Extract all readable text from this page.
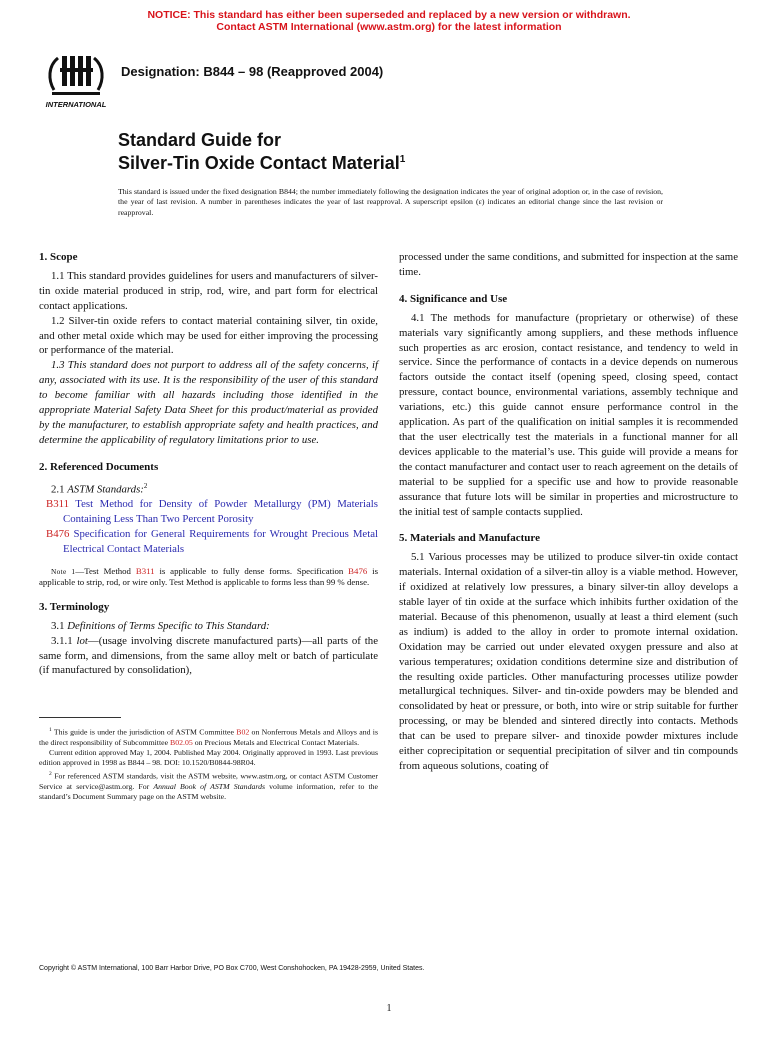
NOTICE: This standard has either been superseded and replaced by a new version or withdrawn.
Contact ASTM International (www.astm.org) for the latest information
INTERNATIONAL
Designation: B844 – 98 (Reapproved 2004)
Standard Guide for
Silver-Tin Oxide Contact Material$^1$
This standard is issued under the fixed designation B844; the number immediately following the designation indicates the year of original adoption or, in the case of revision, the year of last revision. A number in parentheses indicates the year of last reapproval. A superscript epsilon (ε) indicates an editorial change since the last revision or reapproval.
1. Scope

1.1 This standard provides guidelines for users and manufacturers of silver-tin oxide material produced in strip, rod, wire, and part form for electrical contact applications.

1.2 Silver-tin oxide refers to contact material containing silver, tin oxide, and other metal oxide which may be used for either improving the processing or performance of the material.

1.3 This standard does not purport to address all of the safety concerns, if any, associated with its use. It is the responsibility of the user of this standard to become familiar with all hazards including those identified in the appropriate Material Safety Data Sheet for this product/material as provided by the manufacturer, to establish appropriate safety and health practices, and determine the applicability of regulatory limitations prior to use.

2. Referenced Documents

2.1 ASTM Standards:$^2$

B311 Test Method for Density of Powder Metallurgy (PM) Materials Containing Less Than Two Percent Porosity

B476 Specification for General Requirements for Wrought Precious Metal Electrical Contact Materials

Note 1—Test Method B311 is applicable to fully dense forms. Specification B476 is applicable to strip, rod, or wire only. Test Method is applicable to forms less than 99 % dense.

3. Terminology

3.1 Definitions of Terms Specific to This Standard:

3.1.1 lot—(usage involving discrete manufactured parts)—all parts of the same form, and dimensions, from the same alloy melt or batch of particulate (if manufactured by consolidation),

processed under the same conditions, and submitted for inspection at the same time.

4. Significance and Use

4.1 The methods for manufacture (proprietary or otherwise) of these materials vary significantly among suppliers, and these methods influence such properties as arc erosion, contact resistance, and tendency to weld in service. Since the performance of contacts in a device depends on numerous factors outside the contact itself (opening speed, closing speed, contact pressure, contact bounce, environmental variations, assembly technique and variations, etc.) this guide cannot ensure performance control in the application. As part of the qualification on initial samples it is recommended that the user electrically test the materials in a functional manner for all devices applicable to the material’s use. This guide will provide a means for the contact manufacturer and contact user to reach agreement on the details of material to be supplied for a specific use and how to provide reasonable assurance that future lots will be similar in properties and microstructure to the initial test of sample contacts supplied.

5. Materials and Manufacture

5.1 Various processes may be utilized to produce silver-tin oxide contact materials. Internal oxidation of a silver-tin alloy is a viable method. However, if oxidized at relatively low pressures, a binary silver-tin alloy develops a stable layer of tin oxide at the surface which inhibits further oxidation of the material. Because of this phenomenon, usually at least a third element (such as indium) is added to the alloy in order to promote internal oxidation. Oxidation may be carried out under elevated oxygen pressure and also at various temperatures; oxidation conditions determine size and distribution of the resulting oxide particles. Other manufacturing processes utilize powder metallurgical techniques. Silver- and tin-oxide powders may be blended and consolidated by heat or pressure, or both, into wire or strip suitable for further processing, or may be blended and sintered directly into contacts. Methods that can be used to prepare silver- and tinoxide powder mixtures include either coprecipitation or sequential precipitation of silver and tin compounds from aqueous solutions, coating of

$^1$ This guide is under the jurisdiction of ASTM Committee B02 on Nonferrous Metals and Alloys and is the direct responsibility of Subcommittee B02.05 on Precious Metals and Electrical Contact Materials.

Current edition approved May 1, 2004. Published May 2004. Originally approved in 1993. Last previous edition approved in 1998 as B844 – 98. DOI: 10.1520/B0844-98R04.

$^2$ For referenced ASTM standards, visit the ASTM website, www.astm.org, or contact ASTM Customer Service at service@astm.org. For Annual Book of ASTM Standards volume information, refer to the standard’s Document Summary page on the ASTM website.

Copyright © ASTM International, 100 Barr Harbor Drive, PO Box C700, West Conshohocken, PA 19428-2959, United States.
1
